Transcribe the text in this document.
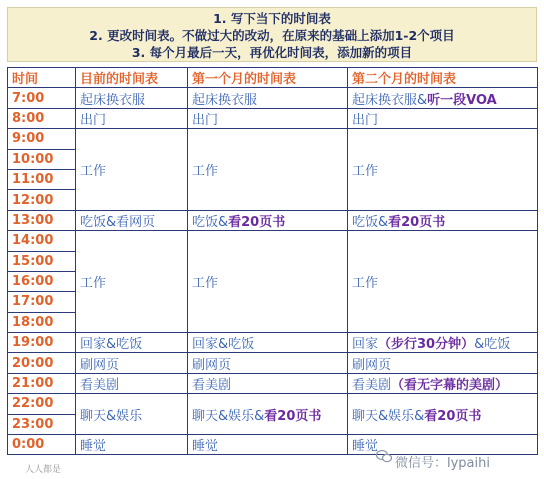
1. 写下当下的时间表
2. 更改时间表。不做过大的改动，在原来的基础上添加1-2个项目
3. 每个月最后一天，再优化时间表，添加新的项目
时间	目前的时间表	第一个月的时间表	第二个月的时间表
7:00	起床换衣服	起床换衣服	起床换衣服&听一段VOA
8:00	出门	出门	出门
9:00	工作	工作	工作
10:00			
11:00			
12:00			
13:00	吃饭&看网页	吃饭&看20页书	吃饭&看20页书
14:00	工作	工作	工作
15:00			
16:00			
17:00			
18:00			
19:00	回家&吃饭	回家&吃饭	回家（步行30分钟）&吃饭
20:00	刷网页	刷网页	刷网页
21:00	看美剧	看美剧	看美剧（看无字幕的美剧）
22:00	聊天&娱乐	聊天&娱乐&看20页书	聊天&娱乐&看20页书
23:00			
0:00	睡觉	睡觉	睡觉
微信号：lypaihi
人人都是
